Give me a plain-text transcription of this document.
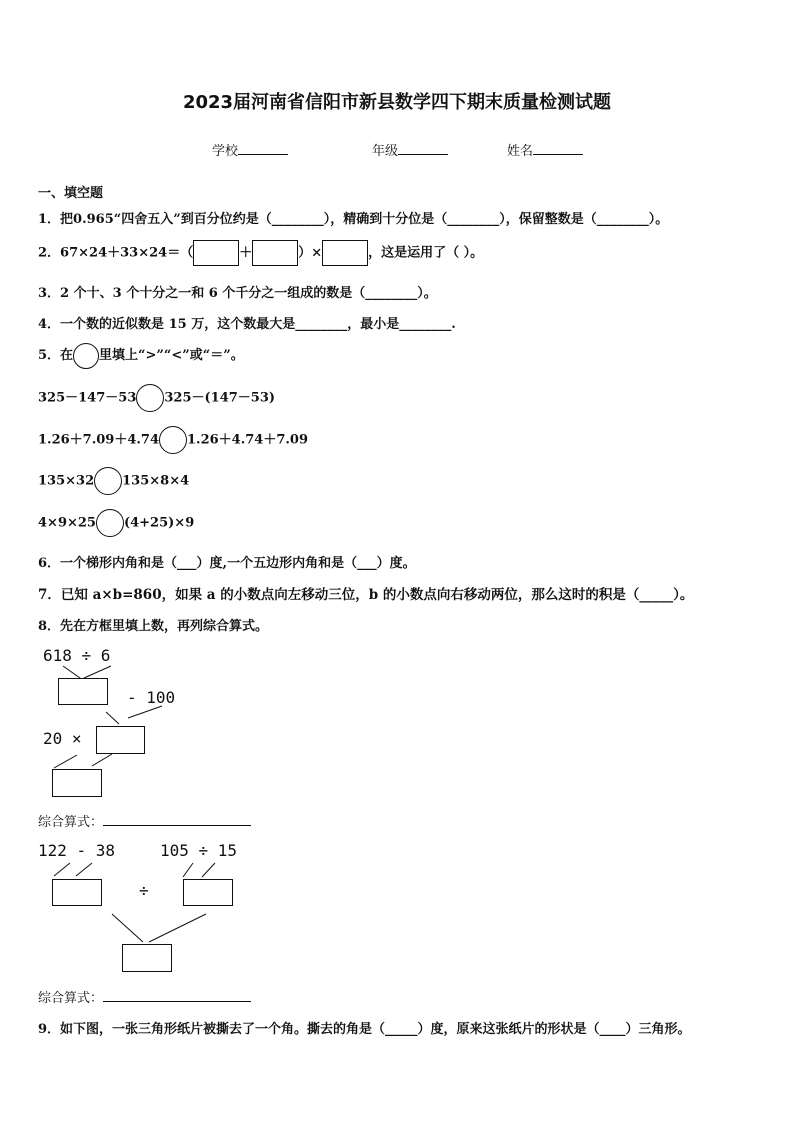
2023届河南省信阳市新县数学四下期末质量检测试题
学校	年级	姓名
一、填空题
1．把0.965“四舍五入”到百分位约是（________），精确到十分位是（________），保留整数是（________）。
2．67×24＋33×24＝（	＋	）×	，这是运用了（ ）。
3．2 个十、3 个十分之一和 6 个千分之一组成的数是（________）。
4．一个数的近似数是 15 万，这个数最大是________，最小是________.
5．在 里填上“>”“<”或“＝”。
325－147－53 325－(147－53)
1.26＋7.09＋4.74 1.26＋4.74＋7.09
135×32 135×8×4
4×9×25 (4+25)×9
6．一个梯形内角和是（___）度,一个五边形内角和是（___）度。
7．已知 a×b=860，如果 a 的小数点向左移动三位，b 的小数点向右移动两位，那么这时的积是（_____）。
8．先在方框里填上数，再列综合算式。
618 ÷ 6
- 100
20 ×
综合算式：
122 - 38	105 ÷ 15
÷
综合算式：
9．如下图，一张三角形纸片被撕去了一个角。撕去的角是（_____）度，原来这张纸片的形状是（____）三角形。
